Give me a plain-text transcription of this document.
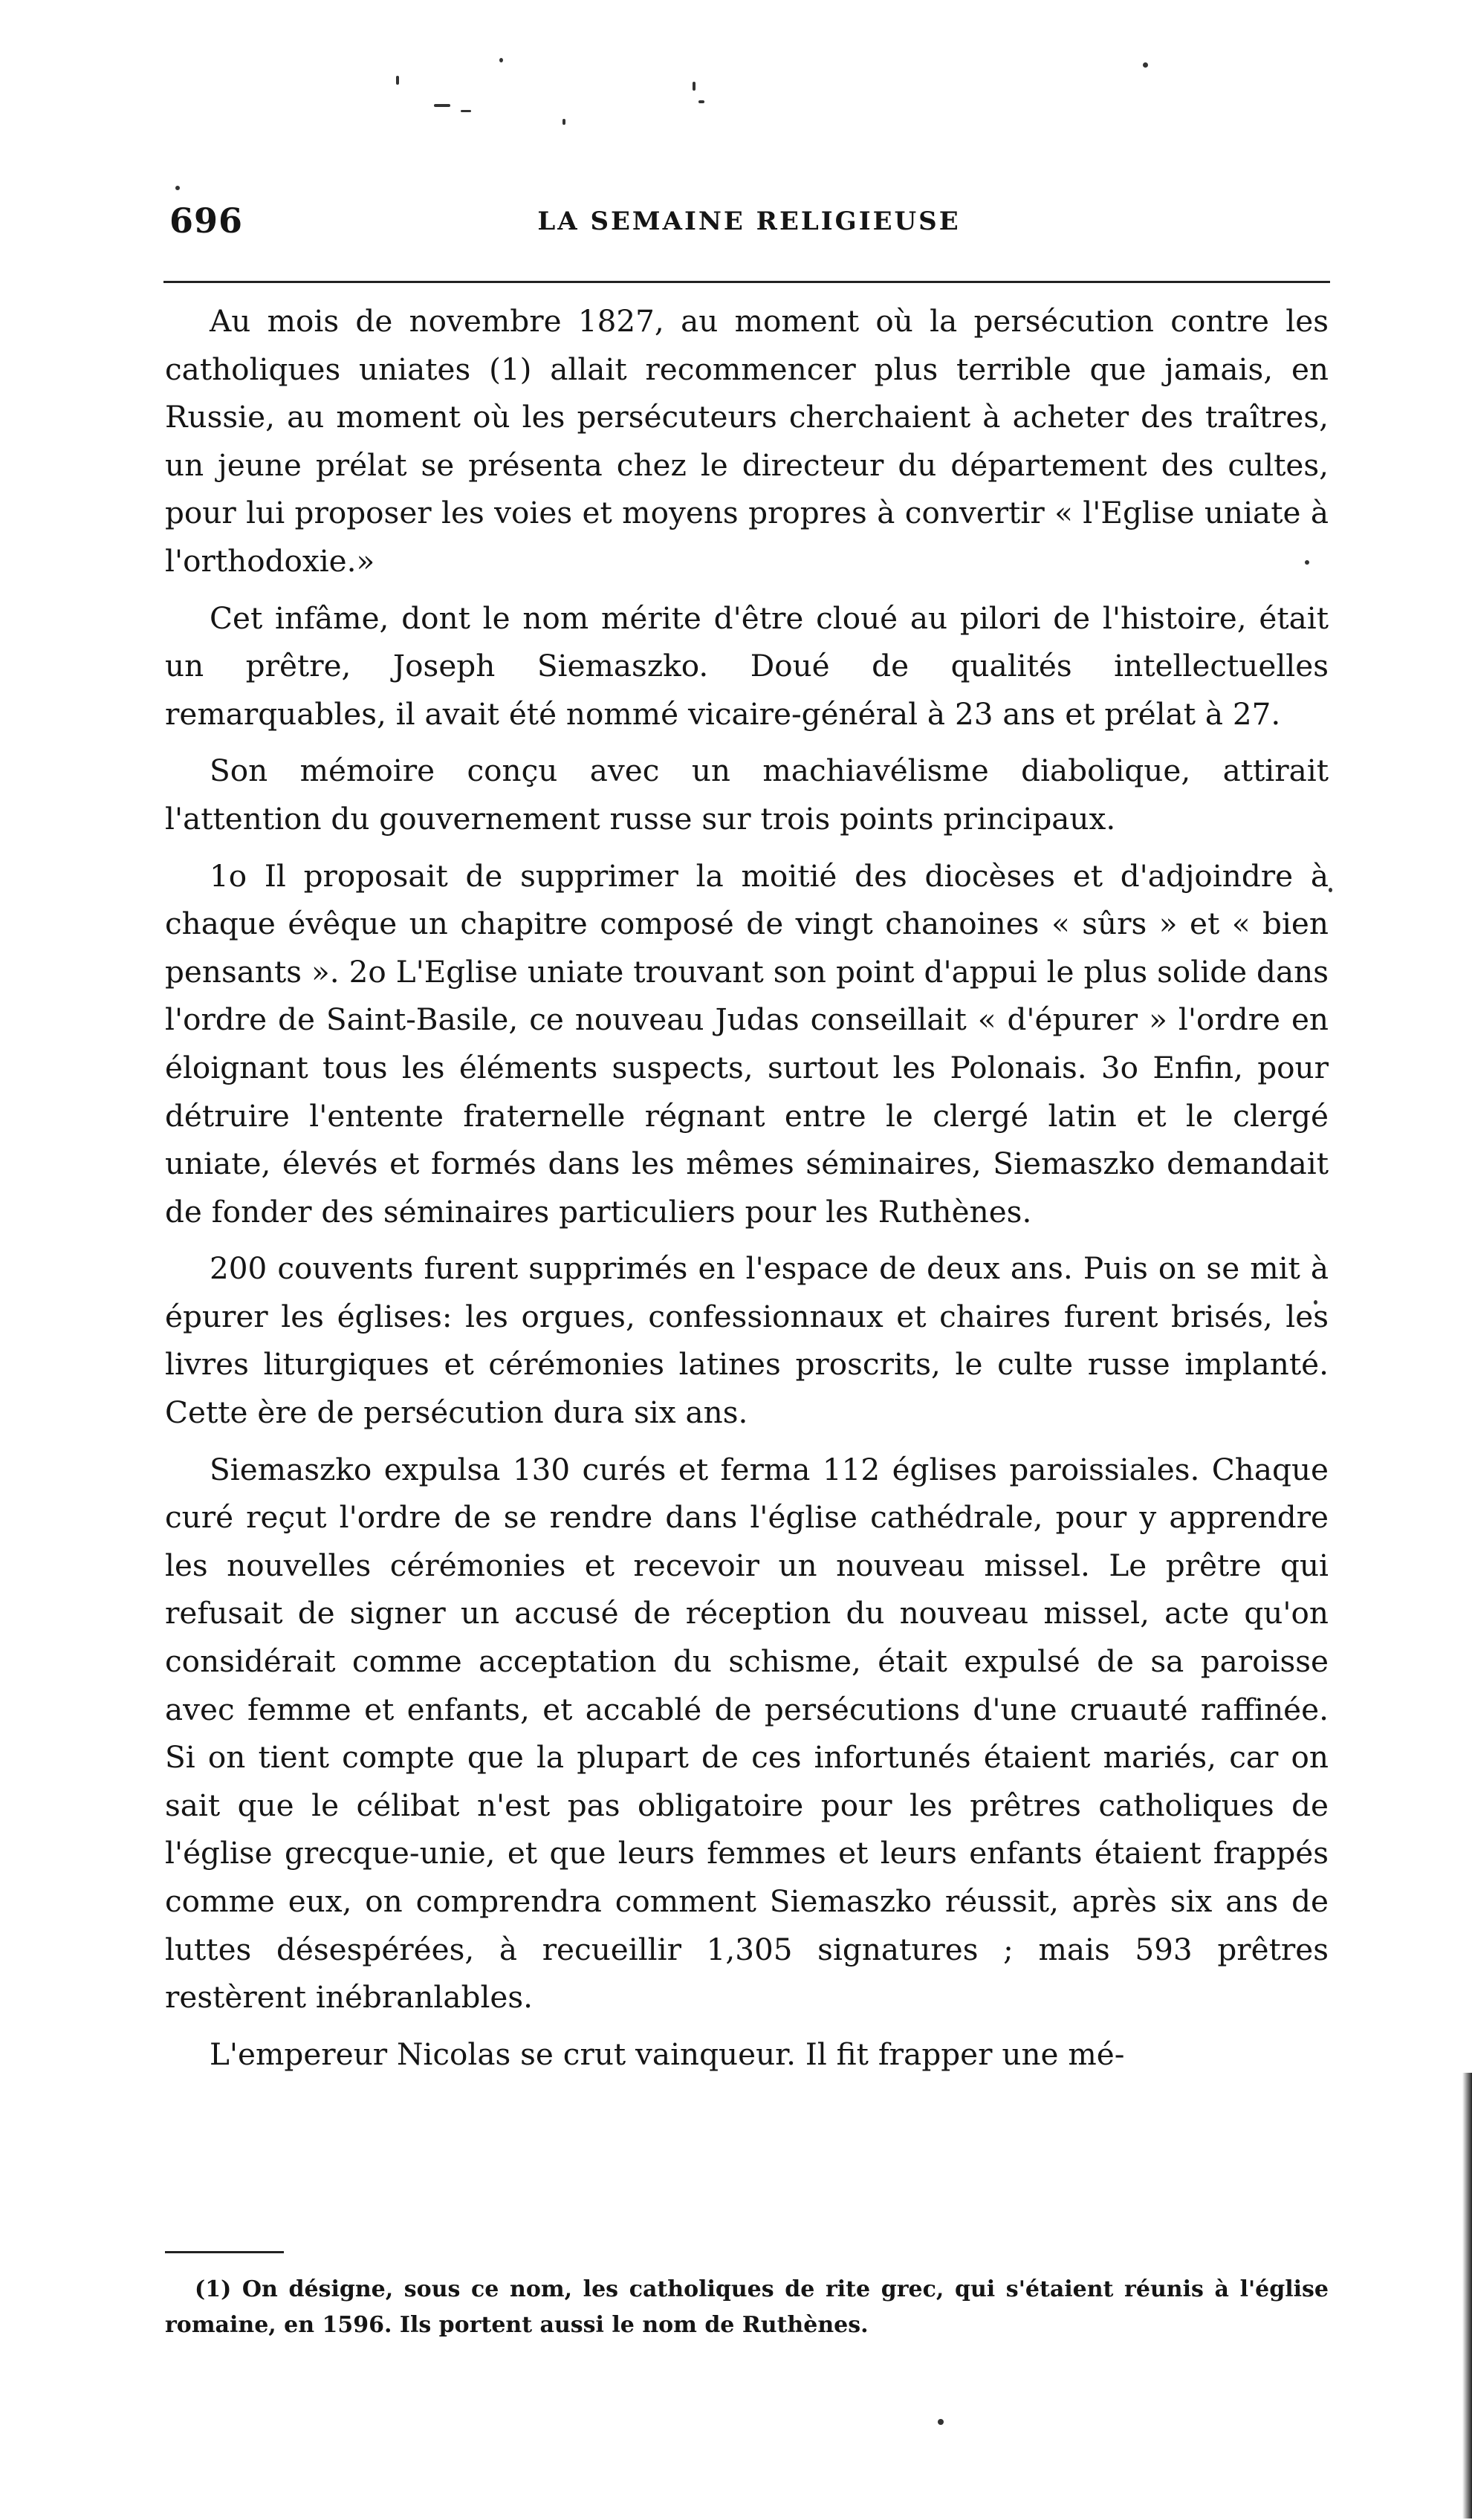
696	LA SEMAINE RELIGIEUSE

Au mois de novembre 1827, au moment où la persécution contre les catholiques uniates (1) allait recommencer plus terrible que jamais, en Russie, au moment où les persécuteurs cherchaient à acheter des traîtres, un jeune prélat se présenta chez le directeur du département des cultes, pour lui proposer les voies et moyens propres à convertir « l'Eglise uniate à l'orthodoxie.»

Cet infâme, dont le nom mérite d'être cloué au pilori de l'histoire, était un prêtre, Joseph Siemaszko. Doué de qualités intellectuelles remarquables, il avait été nommé vicaire-général à 23 ans et prélat à 27.

Son mémoire conçu avec un machiavélisme diabolique, attirait l'attention du gouvernement russe sur trois points principaux.

1o Il proposait de supprimer la moitié des diocèses et d'adjoindre à chaque évêque un chapitre composé de vingt chanoines « sûrs » et « bien pensants ». 2o L'Eglise uniate trouvant son point d'appui le plus solide dans l'ordre de Saint-Basile, ce nouveau Judas conseillait « d'épurer » l'ordre en éloignant tous les éléments suspects, surtout les Polonais. 3o Enfin, pour détruire l'entente fraternelle régnant entre le clergé latin et le clergé uniate, élevés et formés dans les mêmes séminaires, Siemaszko demandait de fonder des séminaires particuliers pour les Ruthènes.

200 couvents furent supprimés en l'espace de deux ans. Puis on se mit à épurer les églises: les orgues, confessionnaux et chaires furent brisés, les livres liturgiques et cérémonies latines proscrits, le culte russe implanté. Cette ère de persécution dura six ans.

Siemaszko expulsa 130 curés et ferma 112 églises paroissiales. Chaque curé reçut l'ordre de se rendre dans l'église cathédrale, pour y apprendre les nouvelles cérémonies et recevoir un nouveau missel. Le prêtre qui refusait de signer un accusé de réception du nouveau missel, acte qu'on considérait comme acceptation du schisme, était expulsé de sa paroisse avec femme et enfants, et accablé de persécutions d'une cruauté raffinée. Si on tient compte que la plupart de ces infortunés étaient mariés, car on sait que le célibat n'est pas obligatoire pour les prêtres catholiques de l'église grecque-unie, et que leurs femmes et leurs enfants étaient frappés comme eux, on comprendra comment Siemaszko réussit, après six ans de luttes désespérées, à recueillir 1,305 signatures ; mais 593 prêtres restèrent inébranlables.

L'empereur Nicolas se crut vainqueur. Il fit frapper une mé-

(1) On désigne, sous ce nom, les catholiques de rite grec, qui s'étaient réunis à l'église romaine, en 1596. Ils portent aussi le nom de Ruthènes.
